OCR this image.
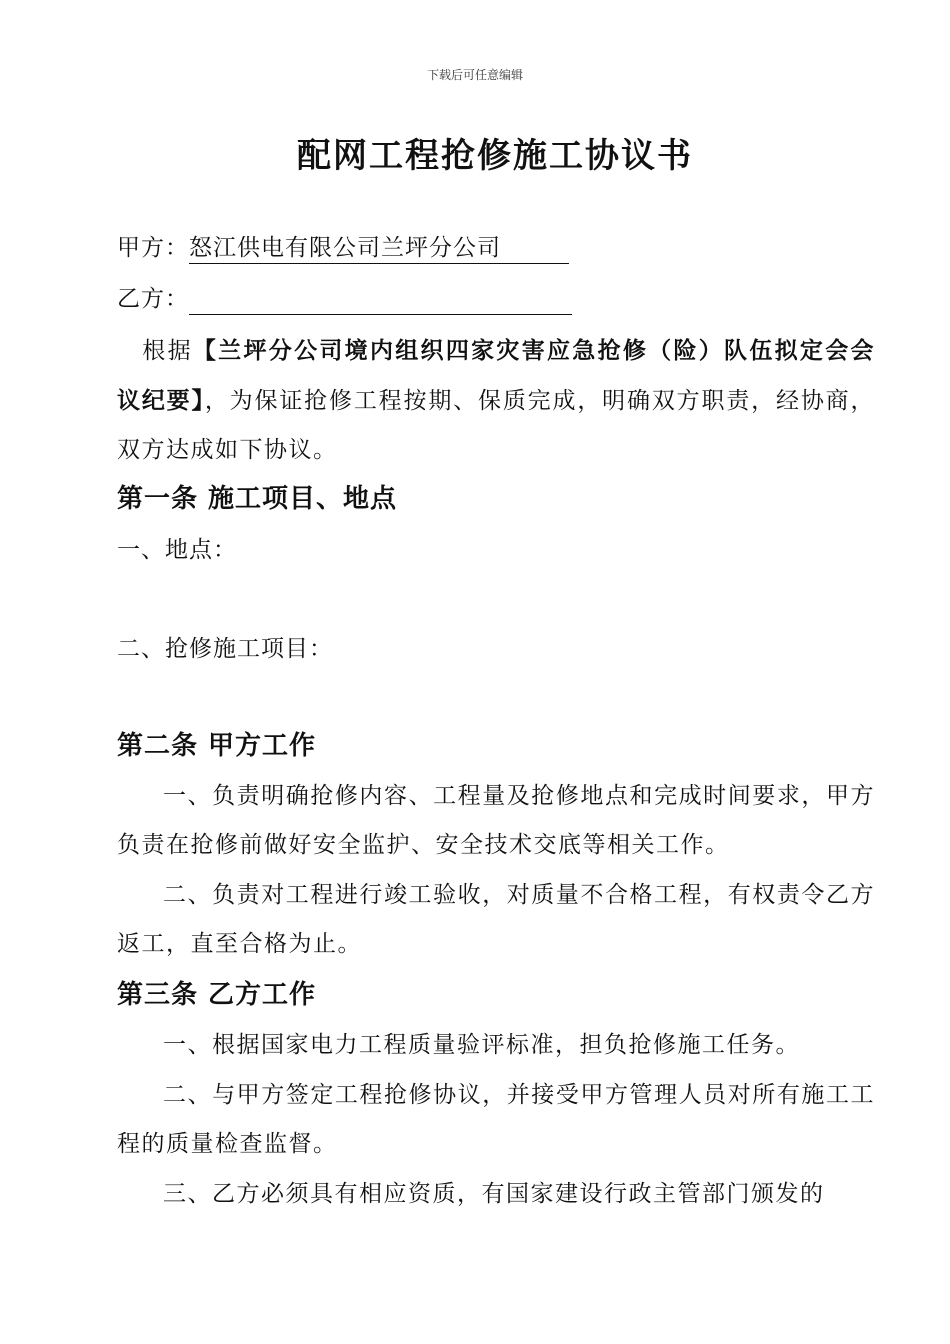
下载后可任意编辑
配网工程抢修施工协议书
甲方：怒江供电有限公司兰坪分公司
乙方：
根据【兰坪分公司境内组织四家灾害应急抢修（险）队伍拟定会会议纪要】，为保证抢修工程按期、保质完成，明确双方职责，经协商，双方达成如下协议。
第一条 施工项目、地点
一、地点：
二、抢修施工项目：
第二条 甲方工作
一、负责明确抢修内容、工程量及抢修地点和完成时间要求，甲方负责在抢修前做好安全监护、安全技术交底等相关工作。
二、负责对工程进行竣工验收，对质量不合格工程，有权责令乙方返工，直至合格为止。
第三条 乙方工作
一、根据国家电力工程质量验评标准，担负抢修施工任务。
二、与甲方签定工程抢修协议，并接受甲方管理人员对所有施工工程的质量检查监督。
三、乙方必须具有相应资质，有国家建设行政主管部门颁发的
